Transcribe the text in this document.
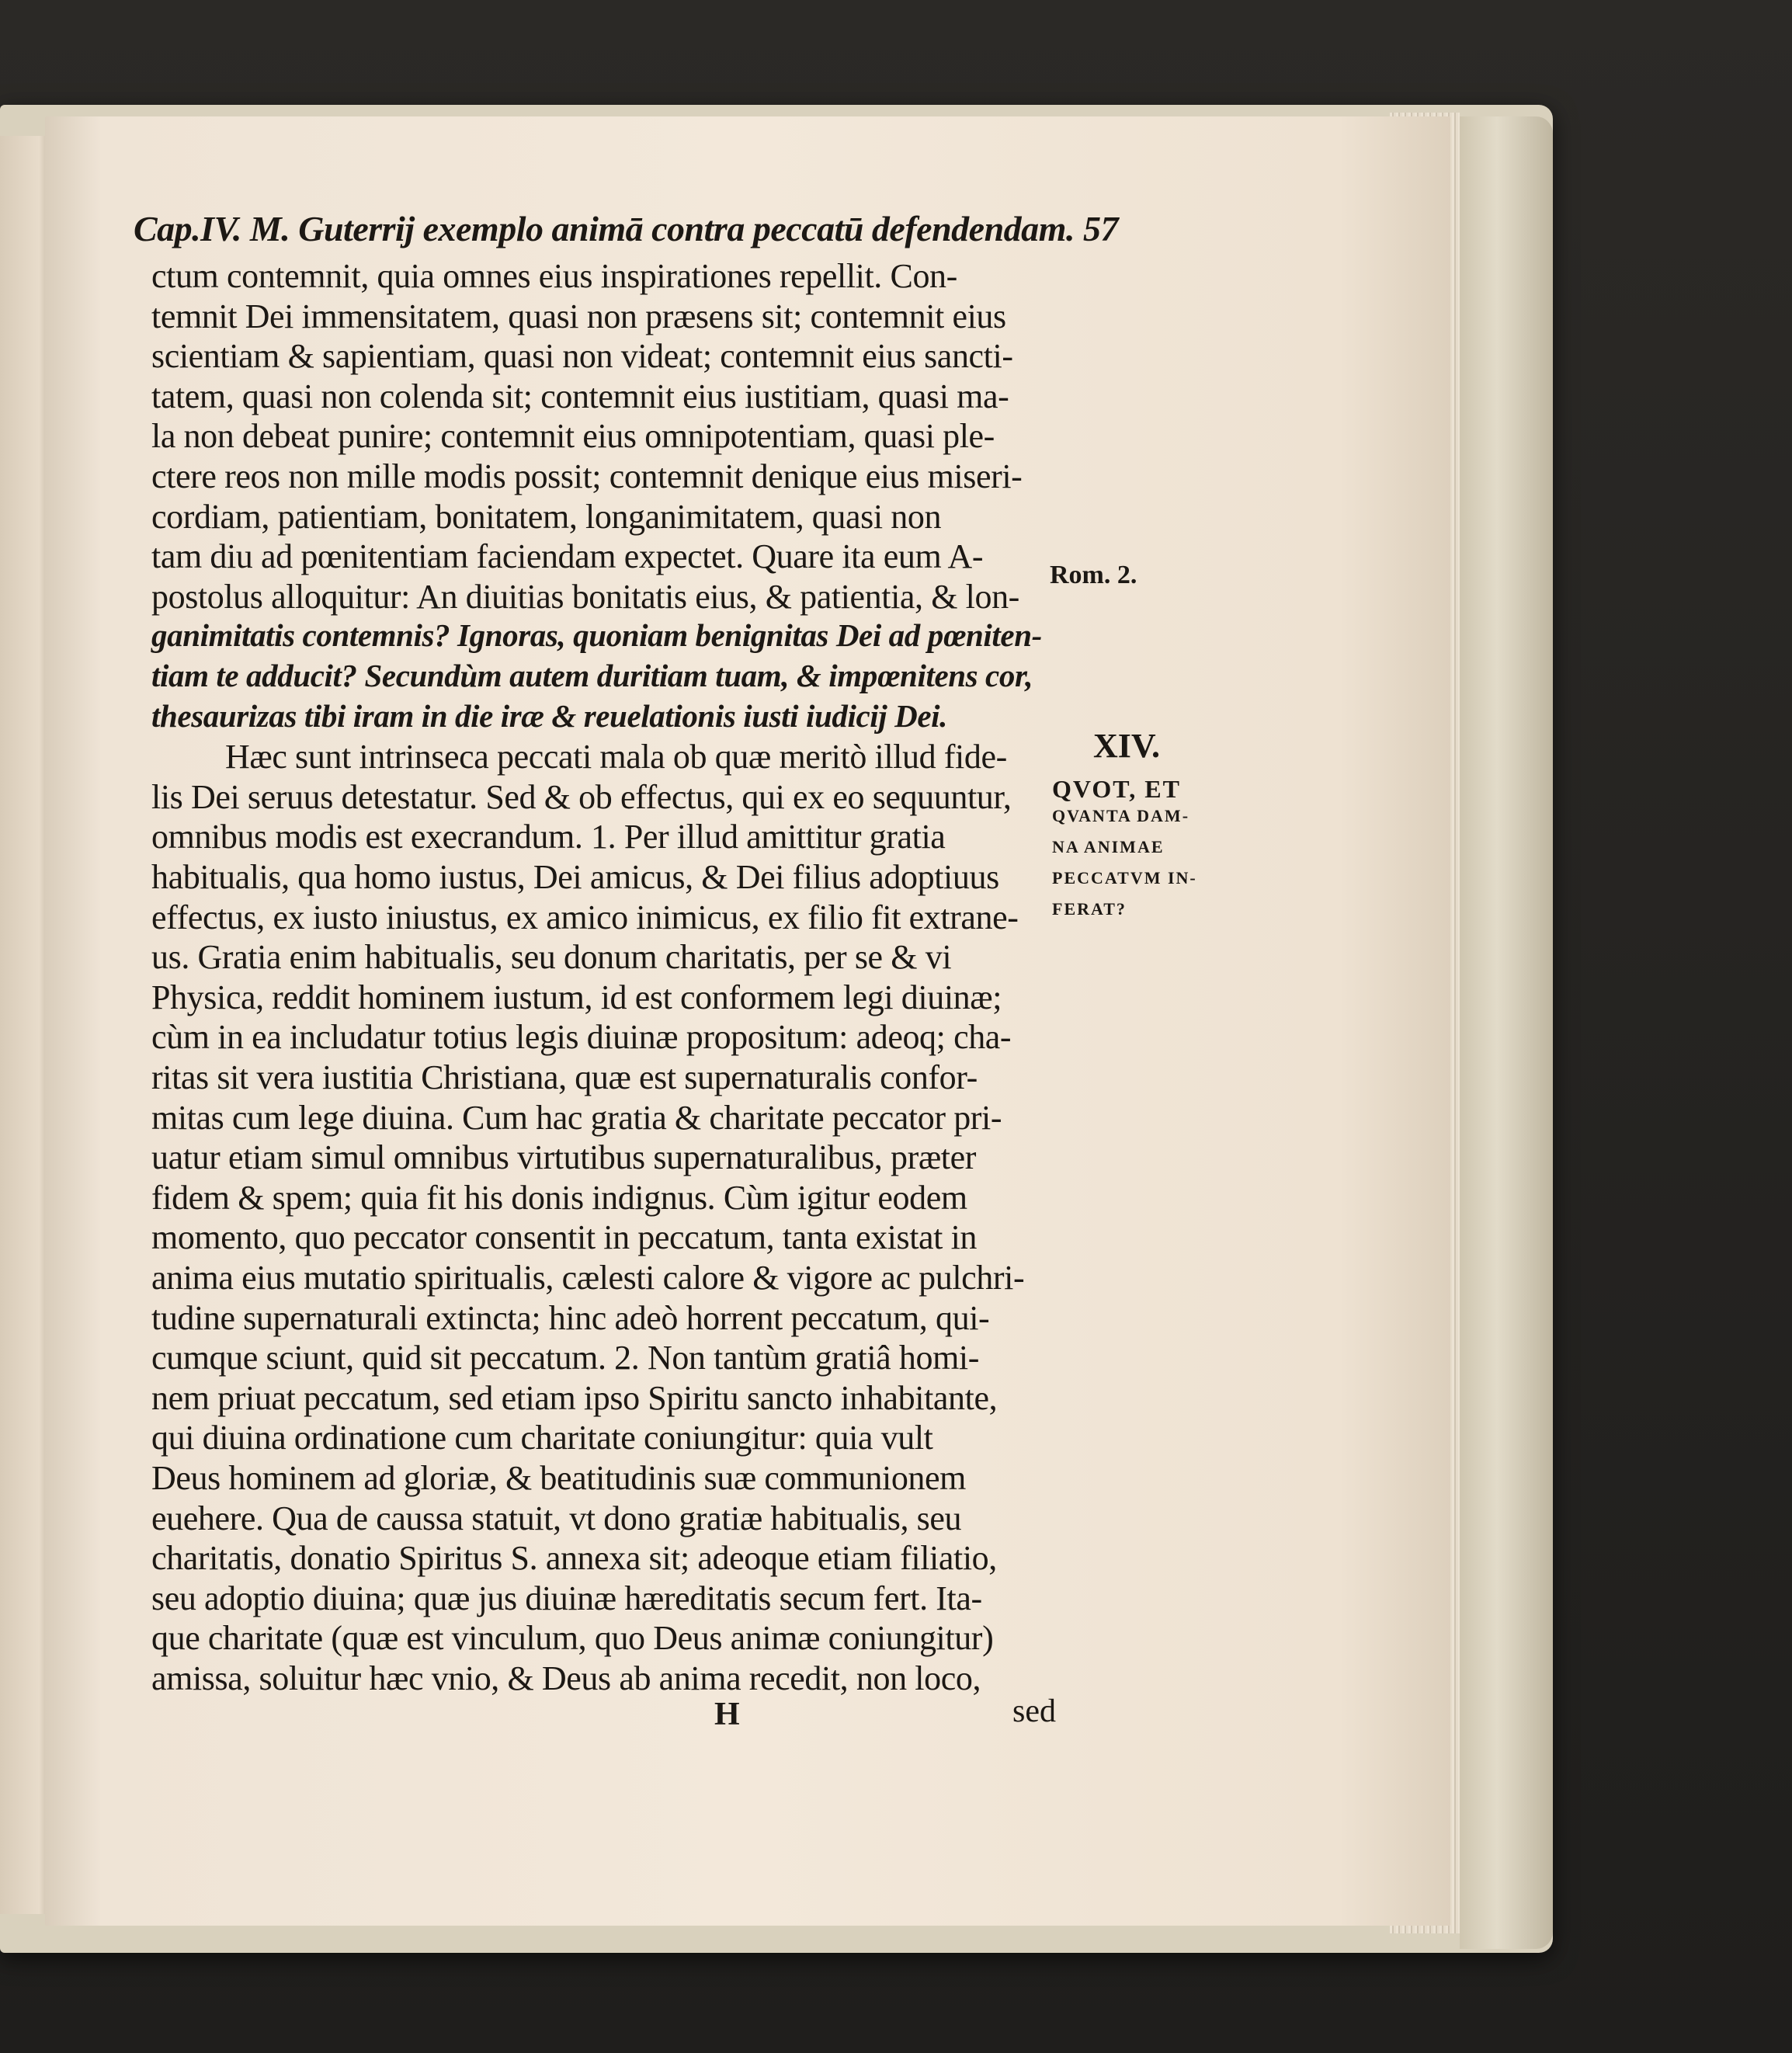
Cap.IV. M. Guterrij exemplo animā contra peccatū defendendam. 57
ctum contemnit, quia omnes eius inspirationes repellit. Con-
temnit Dei immensitatem, quasi non præsens sit; contemnit eius
scientiam & sapientiam, quasi non videat; contemnit eius sancti-
tatem, quasi non colenda sit; contemnit eius iustitiam, quasi ma-
la non debeat punire; contemnit eius omnipotentiam, quasi ple-
ctere reos non mille modis possit; contemnit denique eius miseri-
cordiam, patientiam, bonitatem, longanimitatem, quasi non
tam diu ad pœnitentiam faciendam expectet. Quare ita eum A-
postolus alloquitur: An diuitias bonitatis eius, & patientia, & lon-
ganimitatis contemnis? Ignoras, quoniam benignitas Dei ad pœniten-
tiam te adducit? Secundùm autem duritiam tuam, & impœnitens cor,
thesaurizas tibi iram in die iræ & reuelationis iusti iudicij Dei.
Hæc sunt intrinseca peccati mala ob quæ meritò illud fide-
lis Dei seruus detestatur. Sed & ob effectus, qui ex eo sequuntur,
omnibus modis est execrandum. 1. Per illud amittitur gratia
habitualis, qua homo iustus, Dei amicus, & Dei filius adoptiuus
effectus, ex iusto iniustus, ex amico inimicus, ex filio fit extrane-
us. Gratia enim habitualis, seu donum charitatis, per se & vi
Physica, reddit hominem iustum, id est conformem legi diuinæ;
cùm in ea includatur totius legis diuinæ propositum: adeoq; cha-
ritas sit vera iustitia Christiana, quæ est supernaturalis confor-
mitas cum lege diuina. Cum hac gratia & charitate peccator pri-
uatur etiam simul omnibus virtutibus supernaturalibus, præter
fidem & spem; quia fit his donis indignus. Cùm igitur eodem
momento, quo peccator consentit in peccatum, tanta existat in
anima eius mutatio spiritualis, cælesti calore & vigore ac pulchri-
tudine supernaturali extincta; hinc adeò horrent peccatum, qui-
cumque sciunt, quid sit peccatum. 2. Non tantùm gratiâ homi-
nem priuat peccatum, sed etiam ipso Spiritu sancto inhabitante,
qui diuina ordinatione cum charitate coniungitur: quia vult
Deus hominem ad gloriæ, & beatitudinis suæ communionem
euehere. Qua de caussa statuit, vt dono gratiæ habitualis, seu
charitatis, donatio Spiritus S. annexa sit; adeoque etiam filiatio,
seu adoptio diuina; quæ jus diuinæ hæreditatis secum fert. Ita-
que charitate (quæ est vinculum, quo Deus animæ coniungitur)
amissa, soluitur hæc vnio, & Deus ab anima recedit, non loco,
Rom. 2.
XIV.
QVOT, ET
QVANTA DAM-
NA ANIMAE
PECCATVM IN-
FERAT?
H	sed
